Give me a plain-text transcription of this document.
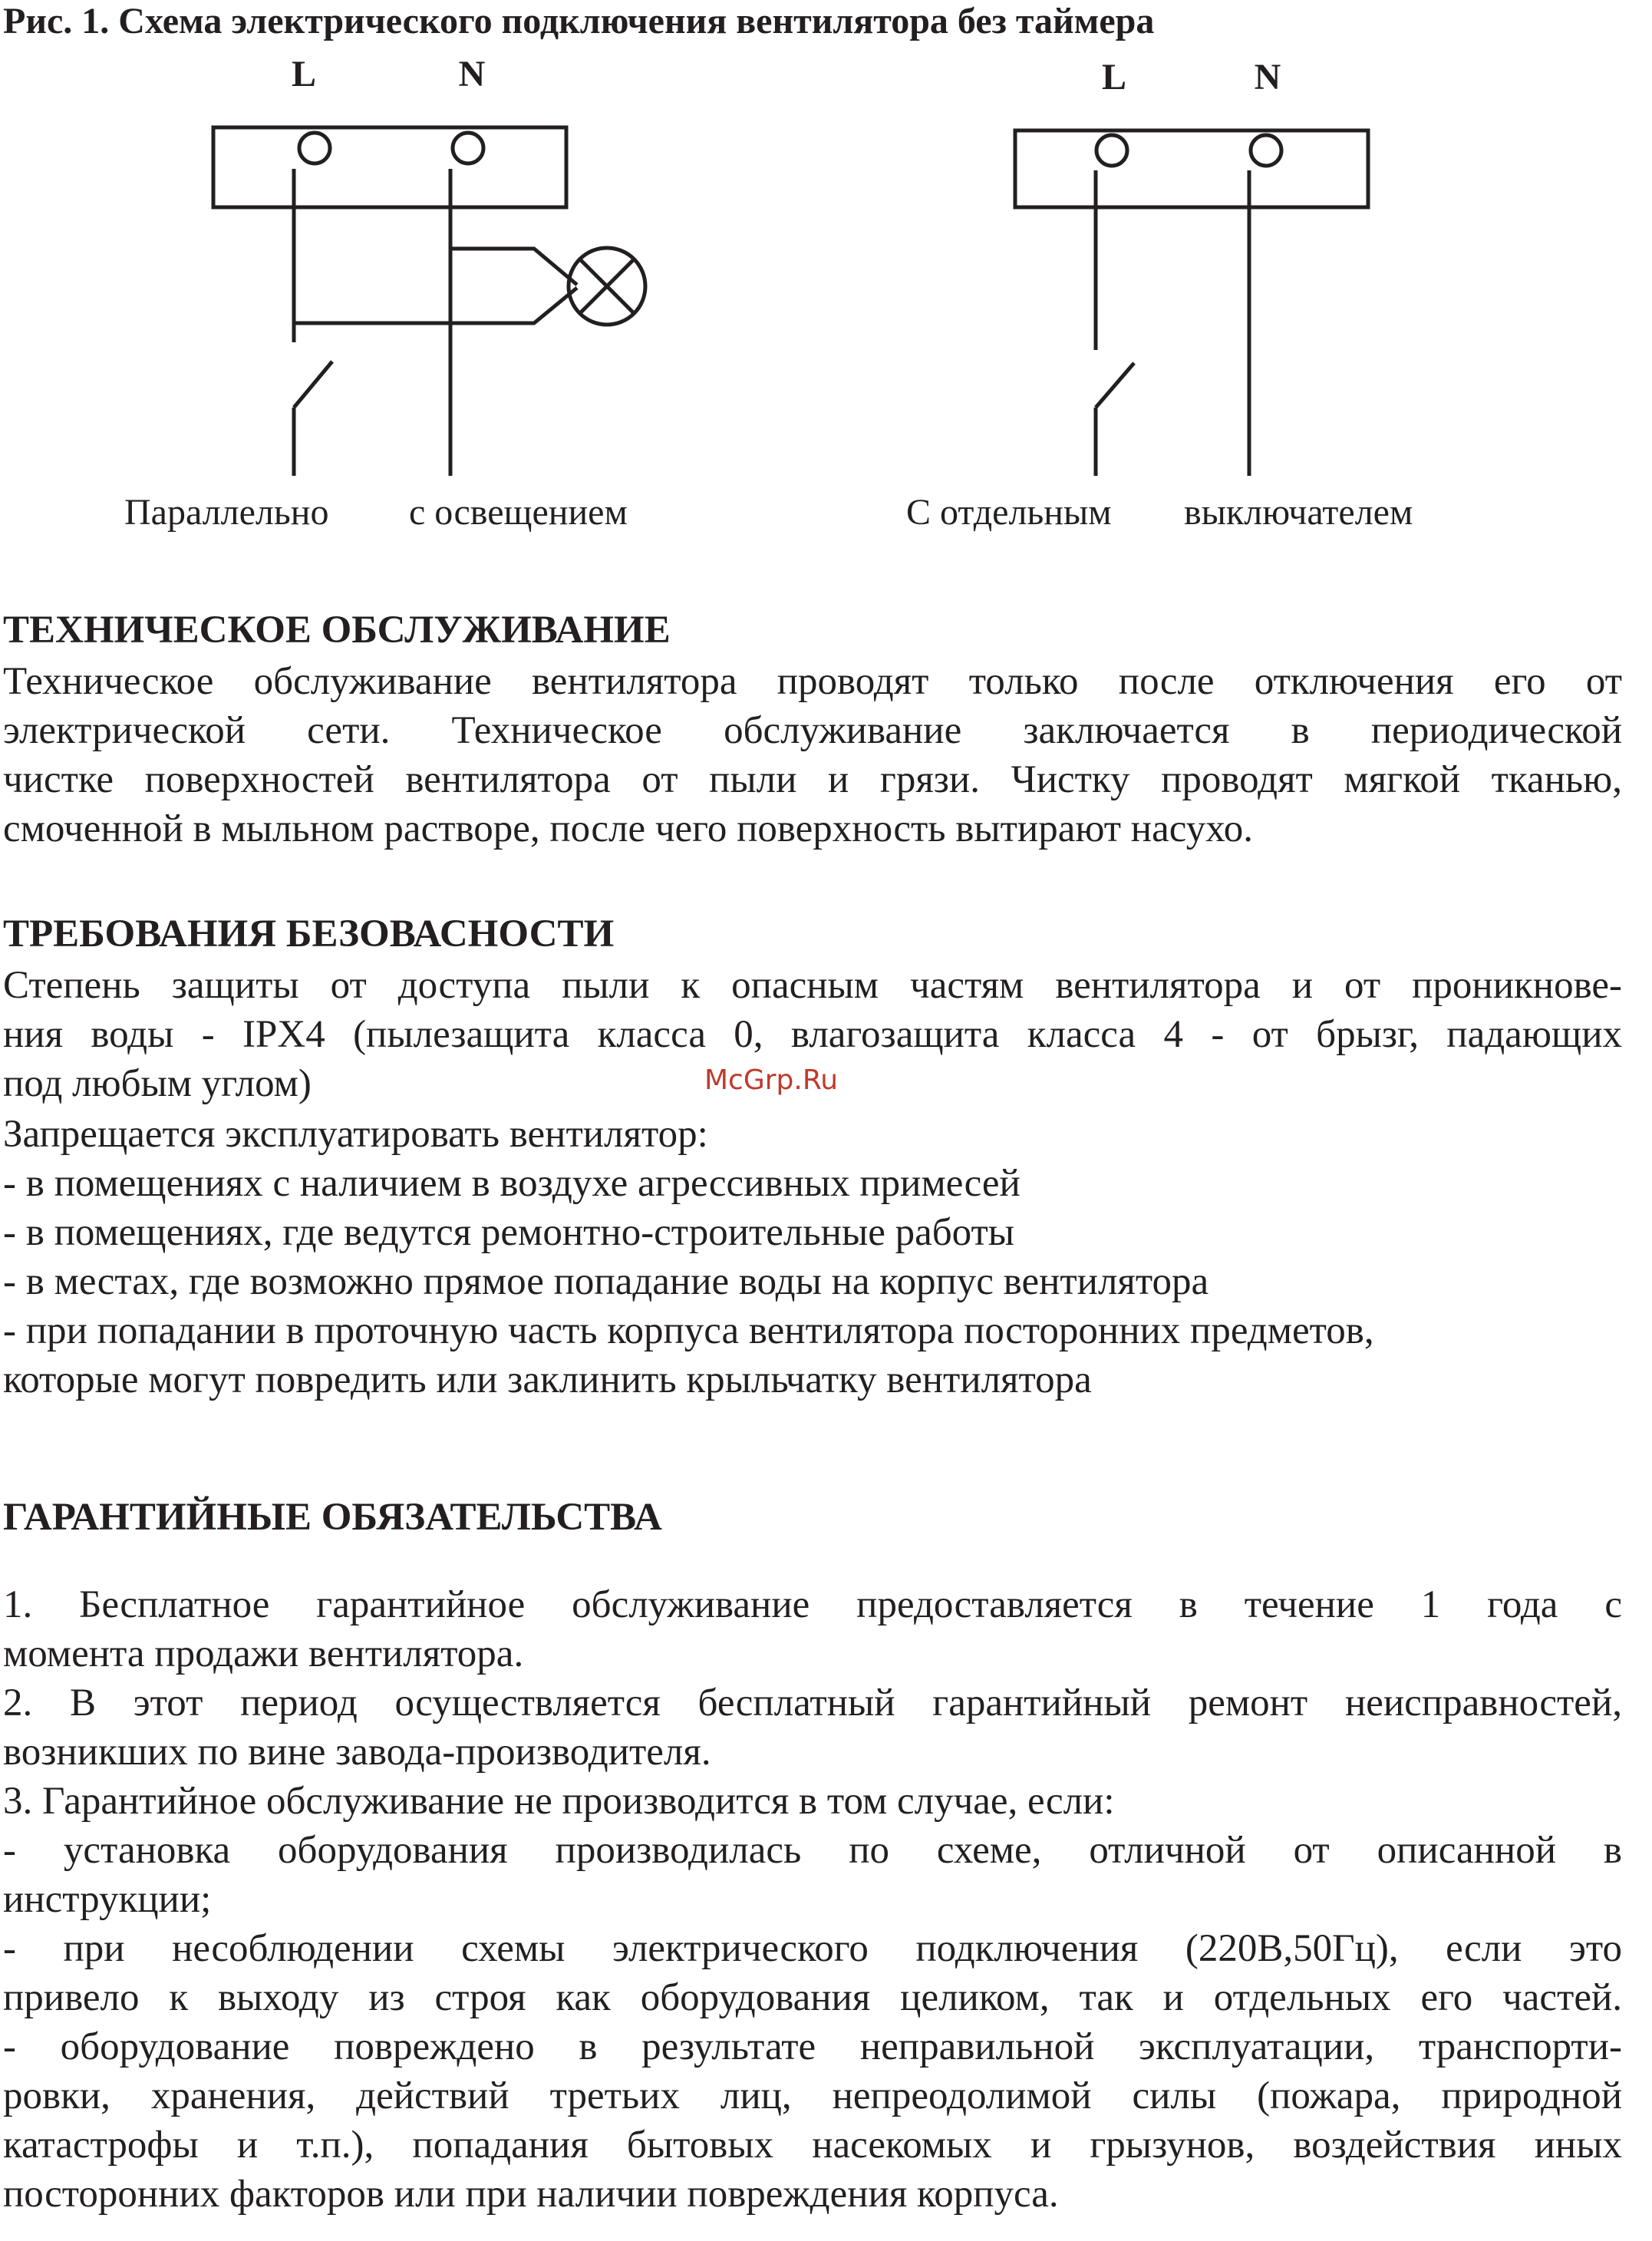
Рис. 1. Схема электрического подключения вентилятора без таймера
L	N	L	N
Параллельно с освещением	С отдельным выключателем
ТЕХНИЧЕСКОЕ ОБСЛУЖИВАНИЕ
Техническое обслуживание вентилятора проводят только после отключения его от
электрической сети. Техническое обслуживание заключается в периодической
чистке поверхностей вентилятора от пыли и грязи. Чистку проводят мягкой тканью,
смоченной в мыльном растворе, после чего поверхность вытирают насухо.
ТРЕБОВАНИЯ БЕЗОВАСНОСТИ
Степень защиты от доступа пыли к опасным частям вентилятора и от проникнове-
ния воды - IPX4 (пылезащита класса 0, влагозащита класса 4 - от брызг, падающих
под любым углом)	McGrp.Ru
Запрещается эксплуатировать вентилятор:
- в помещениях с наличием в воздухе агрессивных примесей
- в помещениях, где ведутся ремонтно-строительные работы
- в местах, где возможно прямое попадание воды на корпус вентилятора
- при попадании в проточную часть корпуса вентилятора посторонних предметов,
которые могут повредить или заклинить крыльчатку вентилятора
ГАРАНТИЙНЫЕ ОБЯЗАТЕЛЬСТВА
1. Бесплатное гарантийное обслуживание предоставляется в течение 1 года с
момента продажи вентилятора.
2. В этот период осуществляется бесплатный гарантийный ремонт неисправностей,
возникших по вине завода-производителя.
3. Гарантийное обслуживание не производится в том случае, если:
- установка оборудования производилась по схеме, отличной от описанной в
инструкции;
- при несоблюдении схемы электрического подключения (220В,50Гц), если это
привело к выходу из строя как оборудования целиком, так и отдельных его частей.
- оборудование повреждено в результате неправильной эксплуатации, транспорти-
ровки, хранения, действий третьих лиц, непреодолимой силы (пожара, природной
катастрофы и т.п.), попадания бытовых насекомых и грызунов, воздействия иных
посторонних факторов или при наличии повреждения корпуса.
